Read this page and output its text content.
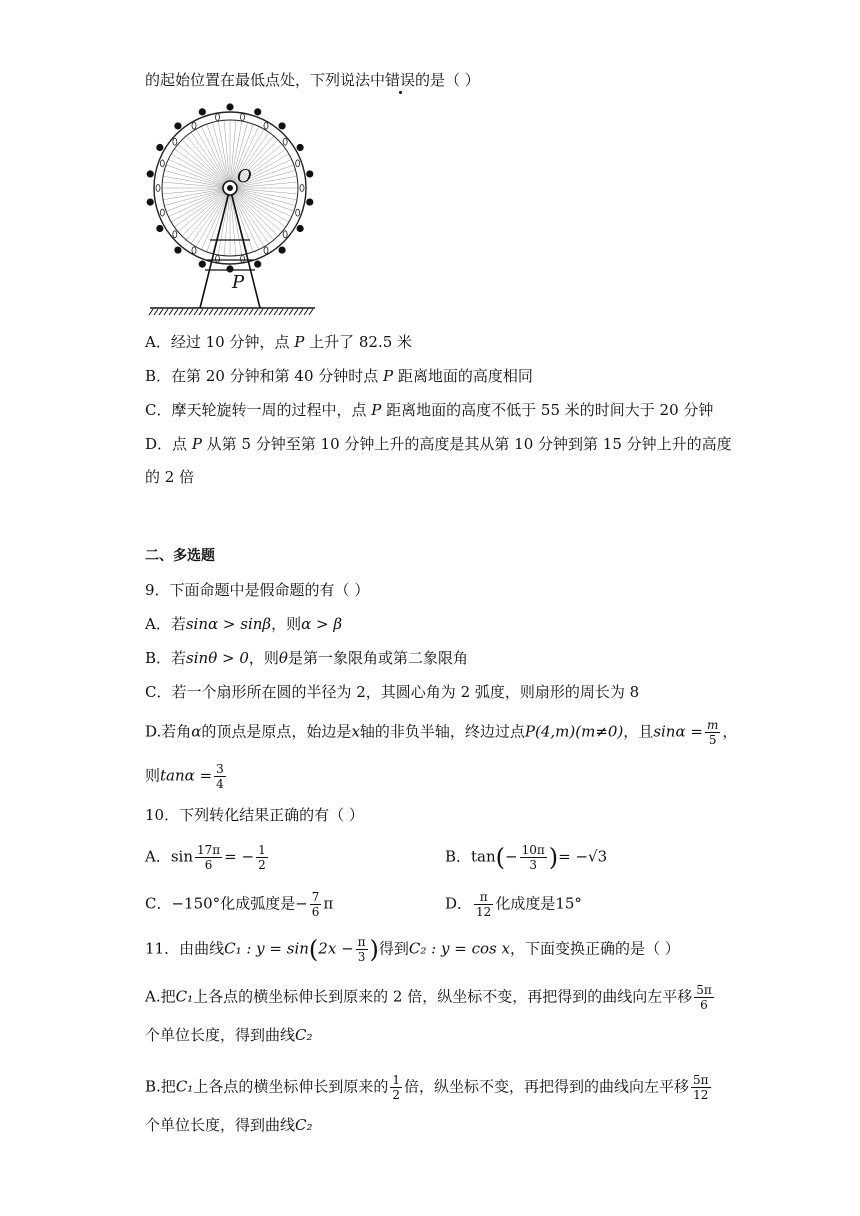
的起始位置在最低点处，下列说法中错误的是（ ）
O
P
A．经过 10 分钟，点 P 上升了 82.5 米
B．在第 20 分钟和第 40 分钟时点 P 距离地面的高度相同
C．摩天轮旋转一周的过程中，点 P 距离地面的高度不低于 55 米的时间大于 20 分钟
D．点 P 从第 5 分钟至第 10 分钟上升的高度是其从第 10 分钟到第 15 分钟上升的高度
的 2 倍
二、多选题
9．下面命题中是假命题的有（ ）
A．若sinα > sinβ，则α > β
B．若sinθ > 0，则θ是第一象限角或第二象限角
C．若一个扇形所在圆的半径为 2，其圆心角为 2 弧度，则扇形的周长为 8
D.若角α的顶点是原点，始边是x轴的非负半轴，终边过点P(4,m)(m≠0)，且$\sin\alpha = \frac{m}{5}$ ，
则$\tan\alpha = \frac{3}{4}$
10．下列转化结果正确的有（ ）
A．$\sin \frac{17\pi}{6}$ = − $\frac{1}{2}$	B．$\tan(- \frac{10\pi}{3}$ )= −√3
C．−150°化成弧度是− $\frac{7}{6}$ π	D． $\frac{\pi}{12}$ 化成度是15°
11．由曲线C₁ : $y = \sin(2x - \frac{\pi}{3}$ )得到C₂ : y = cos x，下面变换正确的是（ ）
A.把C₁上各点的横坐标伸长到原来的 2 倍，纵坐标不变，再把得到的曲线向左平移 $\frac{5\pi}{6}$
个单位长度，得到曲线C₂
B.把C₁上各点的横坐标伸长到原来的 $\frac{1}{2}$ 倍，纵坐标不变，再把得到的曲线向左平移 $\frac{5\pi}{12}$
个单位长度，得到曲线C₂
